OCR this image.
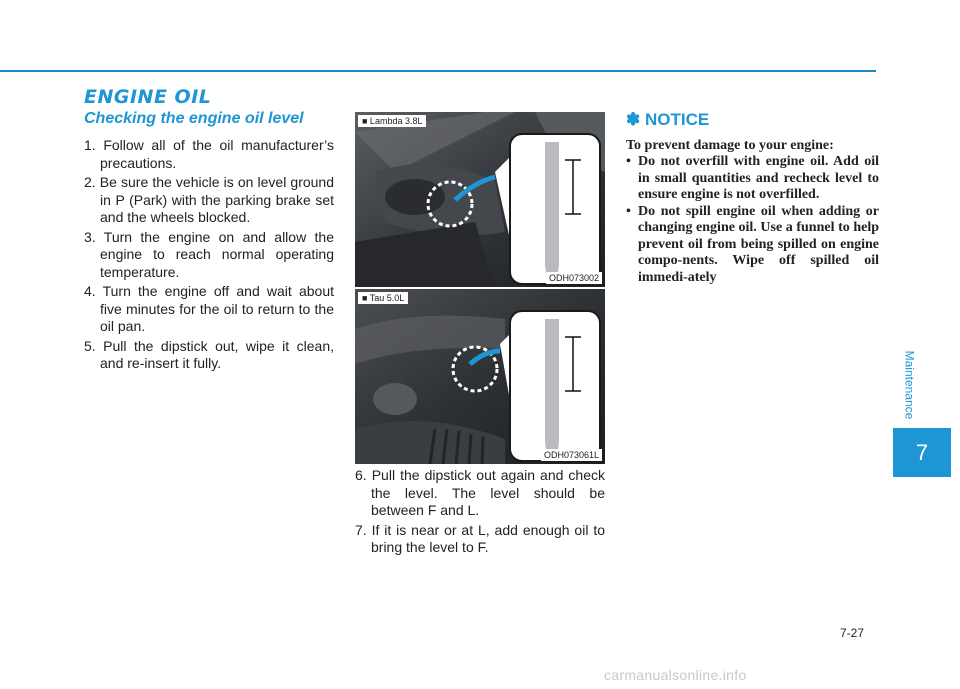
ENGINE OIL
Checking the engine oil level
1. Follow all of the oil manufacturer’s precautions.
2. Be sure the vehicle is on level ground in P (Park) with the parking brake set and the wheels blocked.
3. Turn the engine on and allow the engine to reach normal operating temperature.
4. Turn the engine off and wait about five minutes for the oil to return to the oil pan.
5. Pull the dipstick out, wipe it clean, and re-insert it fully.
■ Lambda 3.8L
ODH073002
■ Tau 5.0L
ODH073061L
6. Pull the dipstick out again and check the level. The level should be between F and L.
7. If it is near or at L, add enough oil to bring the level to F.
✽ NOTICE
To prevent damage to your engine:
• Do not overfill with engine oil. Add oil in small quantities and recheck level to ensure engine is not overfilled.
• Do not spill engine oil when adding or changing engine oil. Use a funnel to help prevent oil from being spilled on engine compo-nents. Wipe off spilled oil immedi-ately
Maintenance
7
7-27
carmanualsonline.info
